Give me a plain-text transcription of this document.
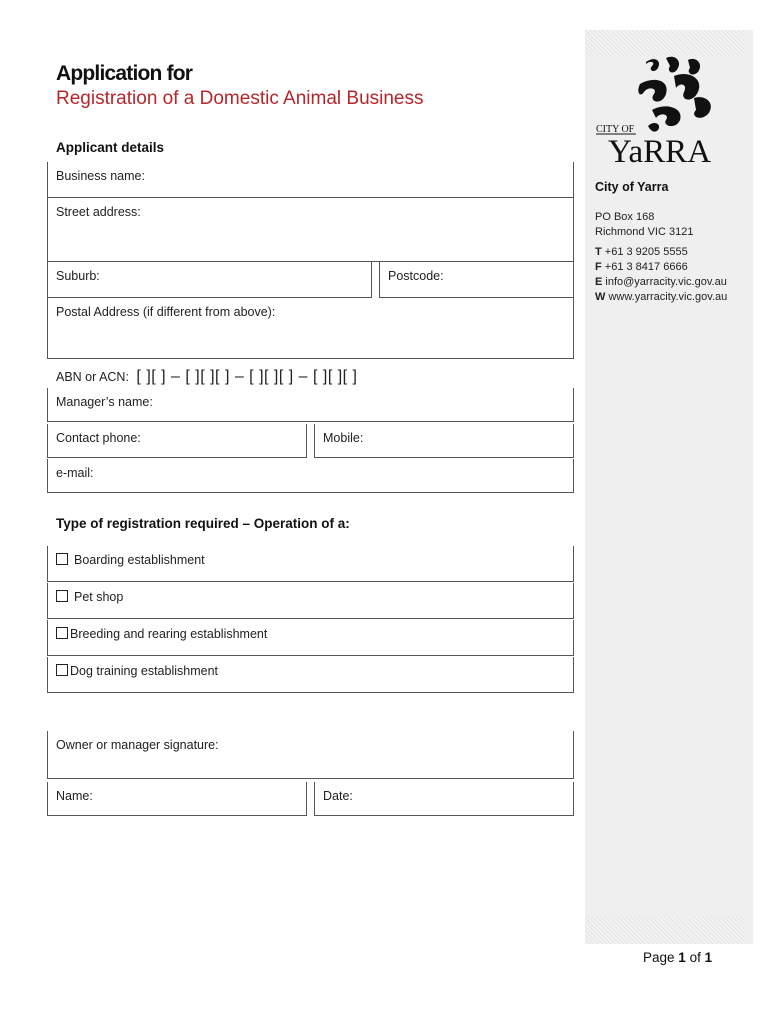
CITY OF
YaRRA
City of Yarra
PO Box 168
Richmond VIC 3121
T +61 3 9205 5555
F +61 3 8417 6666
E info@yarracity.vic.gov.au
W www.yarracity.vic.gov.au
Application for
Registration of a Domestic Animal Business
Applicant details
Business name:
Street address:
Suburb:	Postcode:
Postal Address (if different from above):
ABN or ACN: [ ][ ] – [ ][ ][ ] – [ ][ ][ ] – [ ][ ][ ]
Manager’s name:
Contact phone:	Mobile:
e-mail:
Type of registration required – Operation of a:
Boarding establishment
Pet shop
Breeding and rearing establishment
Dog training establishment
Owner or manager signature:
Name:	Date:
Page 1 of 1
